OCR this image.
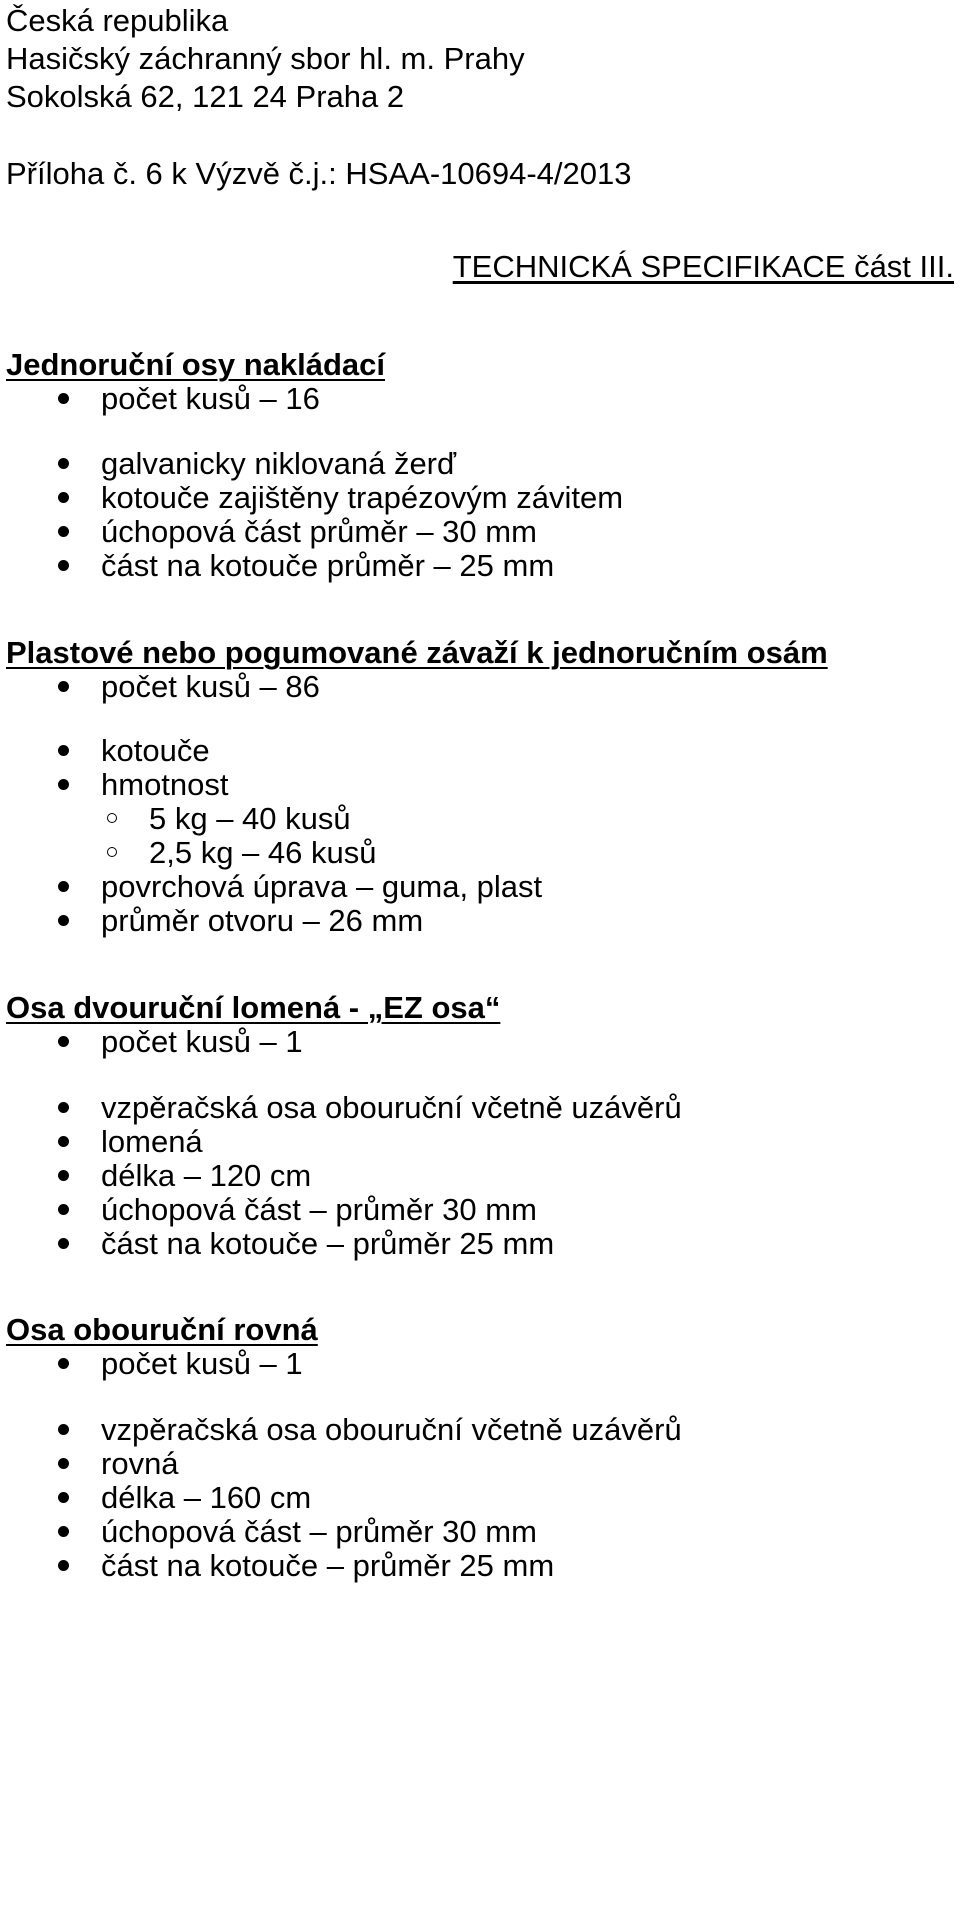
Česká republika
Hasičský záchranný sbor hl. m. Prahy
Sokolská 62, 121 24 Praha 2
Příloha č. 6 k Výzvě č.j.: HSAA-10694-4/2013
TECHNICKÁ SPECIFIKACE část III.
Jednoruční osy nakládací
počet kusů – 16
galvanicky niklovaná žerď
kotouče zajištěny trapézovým závitem
úchopová část průměr – 30 mm
část na kotouče průměr – 25 mm
Plastové nebo pogumované závaží k jednoručním osám
počet kusů – 86
kotouče
hmotnost
5 kg – 40 kusů
2,5 kg – 46 kusů
povrchová úprava – guma, plast
průměr otvoru – 26 mm
Osa dvouruční lomená - „EZ osa“
počet kusů – 1
vzpěračská osa obouruční včetně uzávěrů
lomená
délka – 120 cm
úchopová část – průměr 30 mm
část na kotouče – průměr 25 mm
Osa obouruční rovná
počet kusů – 1
vzpěračská osa obouruční včetně uzávěrů
rovná
délka – 160 cm
úchopová část – průměr 30 mm
část na kotouče – průměr 25 mm
